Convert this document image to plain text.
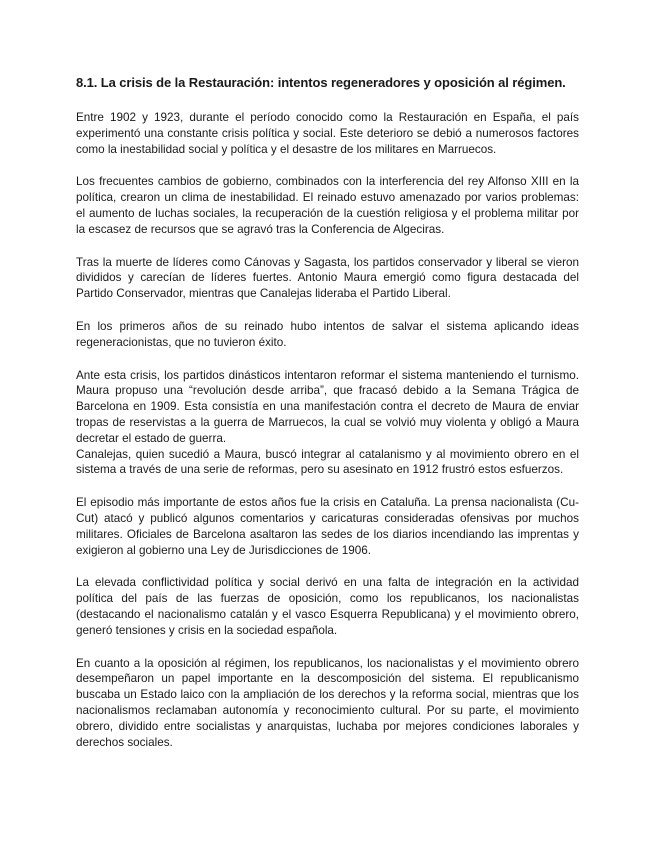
8.1. La crisis de la Restauración: intentos regeneradores y oposición al régimen.

Entre 1902 y 1923, durante el período conocido como la Restauración en España, el país experimentó una constante crisis política y social. Este deterioro se debió a numerosos factores como la inestabilidad social y política y el desastre de los militares en Marruecos.

Los frecuentes cambios de gobierno, combinados con la interferencia del rey Alfonso XIII en la política, crearon un clima de inestabilidad. El reinado estuvo amenazado por varios problemas: el aumento de luchas sociales, la recuperación de la cuestión religiosa y el problema militar por la escasez de recursos que se agravó tras la Conferencia de Algeciras.

Tras la muerte de líderes como Cánovas y Sagasta, los partidos conservador y liberal se vieron divididos y carecían de líderes fuertes. Antonio Maura emergió como figura destacada del Partido Conservador, mientras que Canalejas lideraba el Partido Liberal.

En los primeros años de su reinado hubo intentos de salvar el sistema aplicando ideas regeneracionistas, que no tuvieron éxito.

Ante esta crisis, los partidos dinásticos intentaron reformar el sistema manteniendo el turnismo. Maura propuso una “revolución desde arriba”, que fracasó debido a la Semana Trágica de Barcelona en 1909. Esta consistía en una manifestación contra el decreto de Maura de enviar tropas de reservistas a la guerra de Marruecos, la cual se volvió muy violenta y obligó a Maura decretar el estado de guerra.

Canalejas, quien sucedió a Maura, buscó integrar al catalanismo y al movimiento obrero en el sistema a través de una serie de reformas, pero su asesinato en 1912 frustró estos esfuerzos.

El episodio más importante de estos años fue la crisis en Cataluña. La prensa nacionalista (Cu-Cut) atacó y publicó algunos comentarios y caricaturas consideradas ofensivas por muchos militares. Oficiales de Barcelona asaltaron las sedes de los diarios incendiando las imprentas y exigieron al gobierno una Ley de Jurisdicciones de 1906.

La elevada conflictividad política y social derivó en una falta de integración en la actividad política del país de las fuerzas de oposición, como los republicanos, los nacionalistas (destacando el nacionalismo catalán y el vasco Esquerra Republicana) y el movimiento obrero, generó tensiones y crisis en la sociedad española.

En cuanto a la oposición al régimen, los republicanos, los nacionalistas y el movimiento obrero desempeñaron un papel importante en la descomposición del sistema. El republicanismo buscaba un Estado laico con la ampliación de los derechos y la reforma social, mientras que los nacionalismos reclamaban autonomía y reconocimiento cultural. Por su parte, el movimiento obrero, dividido entre socialistas y anarquistas, luchaba por mejores condiciones laborales y derechos sociales.
